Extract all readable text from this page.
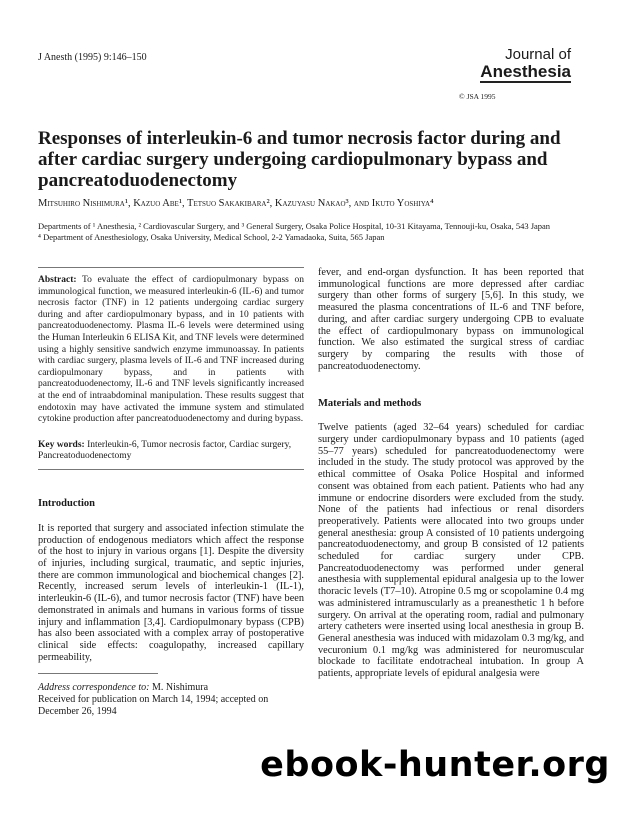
J Anesth (1995) 9:146–150	Journal of
Anesthesia
© JSA 1995
Responses of interleukin-6 and tumor necrosis factor during and after cardiac surgery undergoing cardiopulmonary bypass and pancreatoduodenectomy
Mitsuhiro Nishimura¹, Kazuo Abe¹, Tetsuo Sakakibara², Kazuyasu Nakao³, and Ikuto Yoshiya⁴
Departments of ¹ Anesthesia, ² Cardiovascular Surgery, and ³ General Surgery, Osaka Police Hospital, 10-31 Kitayama, Tennouji-ku, Osaka, 543 Japan
⁴ Department of Anesthesiology, Osaka University, Medical School, 2-2 Yamadaoka, Suita, 565 Japan

Abstract: To evaluate the effect of cardiopulmonary bypass on immunological function, we measured interleukin-6 (IL-6) and tumor necrosis factor (TNF) in 12 patients undergoing cardiac surgery during and after cardiopulmonary bypass, and in 10 patients with pancreatoduodenectomy. Plasma IL-6 levels were determined using the Human Interleukin 6 ELISA Kit, and TNF levels were determined using a highly sensitive sandwich enzyme immunoassay. In patients with cardiac surgery, plasma levels of IL-6 and TNF increased during cardiopulmonary bypass, and in patients with pancreatoduodenectomy, IL-6 and TNF levels significantly increased at the end of intraabdominal manipulation. These results suggest that endotoxin may have activated the immune system and stimulated cytokine production after pancreatoduodenectomy and during bypass.

Key words: Interleukin-6, Tumor necrosis factor, Cardiac surgery, Pancreatoduodenectomy

Introduction

It is reported that surgery and associated infection stimulate the production of endogenous mediators which affect the response of the host to injury in various organs [1]. Despite the diversity of injuries, including surgical, traumatic, and septic injuries, there are common immunological and biochemical changes [2]. Recently, increased serum levels of interleukin-1 (IL-1), interleukin-6 (IL-6), and tumor necrosis factor (TNF) have been demonstrated in animals and humans in various forms of tissue injury and inflammation [3,4]. Cardiopulmonary bypass (CPB) has also been associated with a complex array of postoperative clinical side effects: coagulopathy, increased capillary permeability,

Address correspondence to: M. Nishimura
Received for publication on March 14, 1994; accepted on December 26, 1994

fever, and end-organ dysfunction. It has been reported that immunological functions are more depressed after cardiac surgery than other forms of surgery [5,6]. In this study, we measured the plasma concentrations of IL-6 and TNF before, during, and after cardiac surgery undergoing CPB to evaluate the effect of cardiopulmonary bypass on immunological function. We also estimated the surgical stress of cardiac surgery by comparing the results with those of pancreatoduodenectomy.

Materials and methods

Twelve patients (aged 32–64 years) scheduled for cardiac surgery under cardiopulmonary bypass and 10 patients (aged 55–77 years) scheduled for pancreatoduodenectomy were included in the study. The study protocol was approved by the ethical committee of Osaka Police Hospital and informed consent was obtained from each patient. Patients who had any immune or endocrine disorders were excluded from the study. None of the patients had infectious or renal disorders preoperatively. Patients were allocated into two groups under general anesthesia: group A consisted of 10 patients undergoing pancreatoduodenectomy, and group B consisted of 12 patients scheduled for cardiac surgery under CPB. Pancreatoduodenectomy was performed under general anesthesia with supplemental epidural analgesia up to the lower thoracic levels (T7–10). Atropine 0.5 mg or scopolamine 0.4 mg was administered intramuscularly as a preanesthetic 1 h before surgery. On arrival at the operating room, radial and pulmonary artery catheters were inserted using local anesthesia in group B. General anesthesia was induced with midazolam 0.3 mg/kg, and vecuronium 0.1 mg/kg was administered for neuromuscular blockade to facilitate endotracheal intubation. In group A patients, appropriate levels of epidural analgesia were

ebook-hunter.org
